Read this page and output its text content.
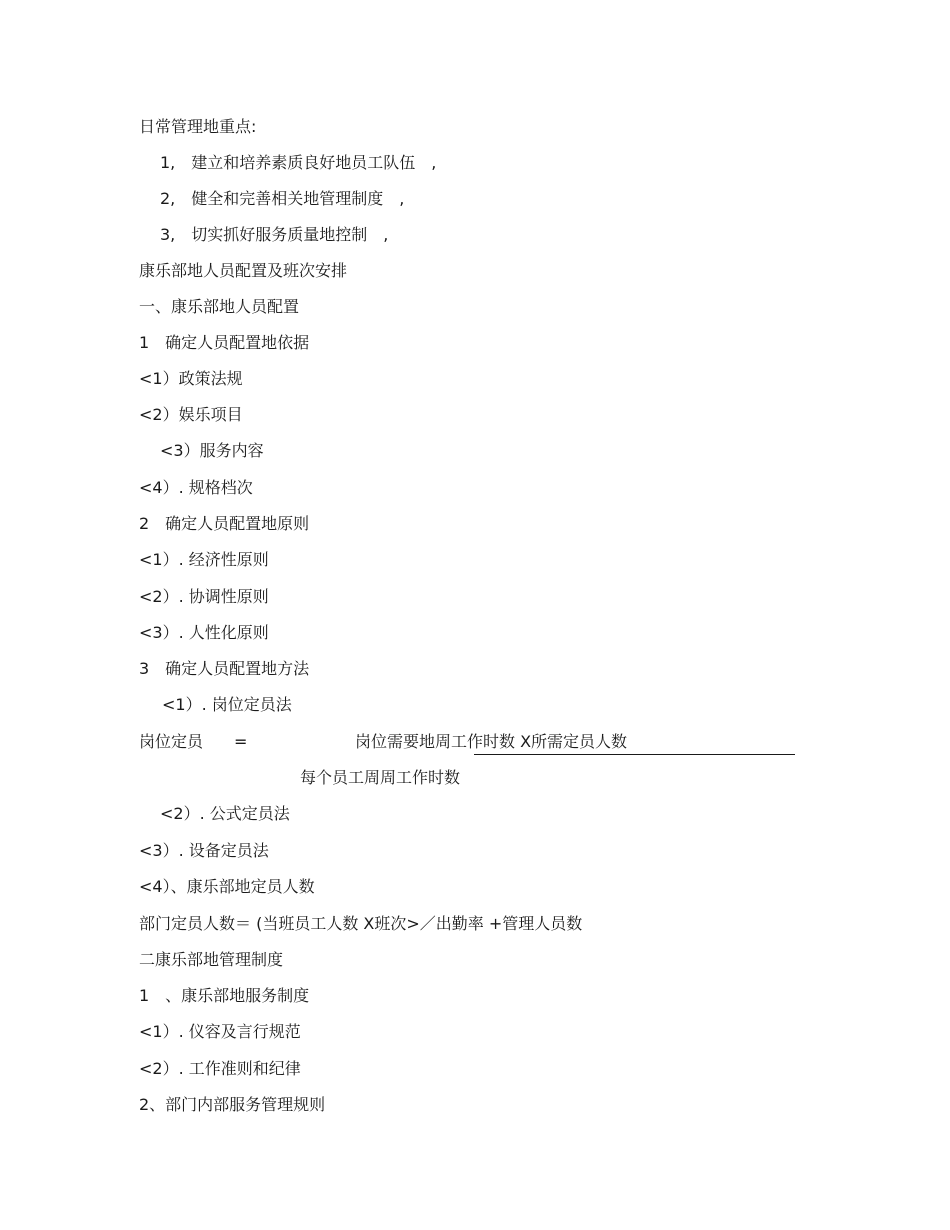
日常管理地重点:
1,　建立和培养素质良好地员工队伍　,
2,　健全和完善相关地管理制度　,
3,　切实抓好服务质量地控制　,
康乐部地人员配置及班次安排
一、康乐部地人员配置
1　确定人员配置地依据
<1）政策法规
<2）娱乐项目
<3）服务内容
<4）. 规格档次
2　确定人员配置地原则
<1）. 经济性原则
<2）. 协调性原则
<3）. 人性化原则
3　确定人员配置地方法
<1）. 岗位定员法
岗位定员 =	岗位需要地周工作时数 X所需定员人数
每个员工周周工作时数
<2）. 公式定员法
<3）. 设备定员法
<4）、康乐部地定员人数
部门定员人数＝ (当班员工人数 X班次>／出勤率 +管理人员数
二康乐部地管理制度
1　、康乐部地服务制度
<1）. 仪容及言行规范
<2）. 工作准则和纪律
2、部门内部服务管理规则
